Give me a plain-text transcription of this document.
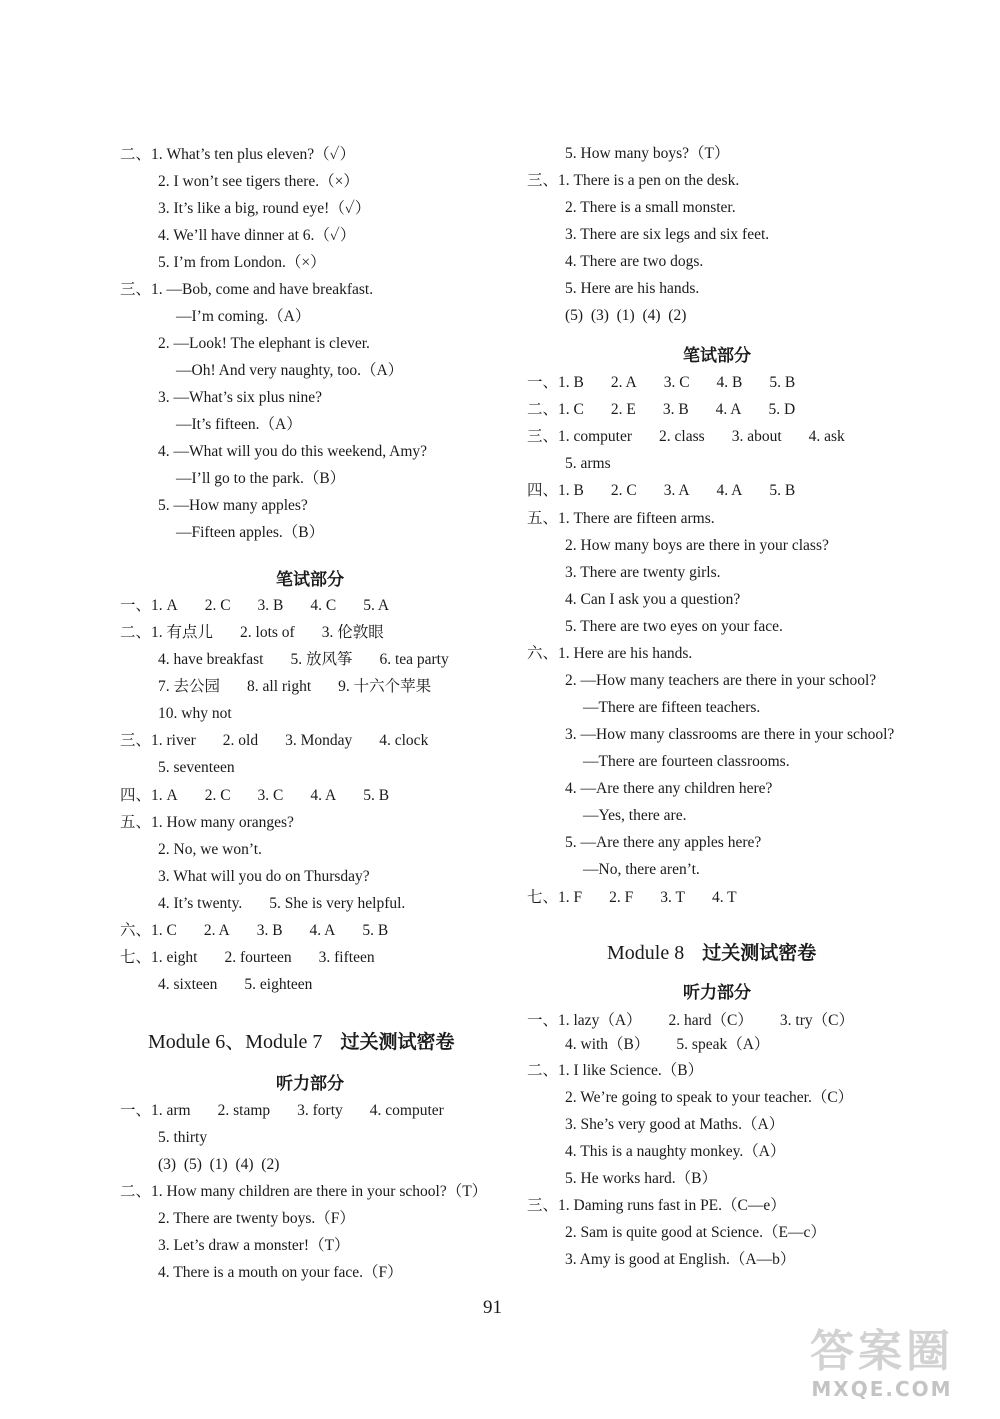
二、1. What’s ten plus eleven?（✓）
2. I won’t see tigers there.（×）
3. It’s like a big, round eye!（✓）
4. We’ll have dinner at 6.（✓）
5. I’m from London.（×）
三、1. —Bob, come and have breakfast.
—I’m coming.（A）
2. —Look! The elephant is clever.
—Oh! And very naughty, too.（A）
3. —What’s six plus nine?
—It’s fifteen.（A）
4. —What will you do this weekend, Amy?
—I’ll go to the park.（B）
5. —How many apples?
—Fifteen apples.（B）
笔试部分
一、1. A 2. C 3. B 4. C 5. A
二、1. 有点儿 2. lots of 3. 伦敦眼
4. have breakfast 5. 放风筝 6. tea party
7. 去公园 8. all right 9. 十六个苹果
10. why not
三、1. river 2. old 3. Monday 4. clock
5. seventeen
四、1. A 2. C 3. C 4. A 5. B
五、1. How many oranges?
2. No, we won’t.
3. What will you do on Thursday?
4. It’s twenty. 5. She is very helpful.
六、1. C 2. A 3. B 4. A 5. B
七、1. eight 2. fourteen 3. fifteen
4. sixteen 5. eighteen
Module 6、Module 7 过关测试密卷
听力部分
一、1. arm 2. stamp 3. forty 4. computer
5. thirty
(3)  (5)  (1)  (4)  (2)
二、1. How many children are there in your school?（T）
2. There are twenty boys.（F）
3. Let’s draw a monster!（T）
4. There is a mouth on your face.（F）
5. How many boys?（T）
三、1. There is a pen on the desk.
2. There is a small monster.
3. There are six legs and six feet.
4. There are two dogs.
5. Here are his hands.
(5)  (3)  (1)  (4)  (2)
笔试部分
一、1. B 2. A 3. C 4. B 5. B
二、1. C 2. E 3. B 4. A 5. D
三、1. computer 2. class 3. about 4. ask
5. arms
四、1. B 2. C 3. A 4. A 5. B
五、1. There are fifteen arms.
2. How many boys are there in your class?
3. There are twenty girls.
4. Can I ask you a question?
5. There are two eyes on your face.
六、1. Here are his hands.
2. —How many teachers are there in your school?
—There are fifteen teachers.
3. —How many classrooms are there in your school?
—There are fourteen classrooms.
4. —Are there any children here?
—Yes, there are.
5. —Are there any apples here?
—No, there aren’t.
七、1. F 2. F 3. T 4. T
Module 8 过关测试密卷
听力部分
一、1. lazy（A） 2. hard（C） 3. try（C）
4. with（B） 5. speak（A）
二、1. I like Science.（B）
2. We’re going to speak to your teacher.（C）
3. She’s very good at Maths.（A）
4. This is a naughty monkey.（A）
5. He works hard.（B）
三、1. Daming runs fast in PE.（C—e）
2. Sam is quite good at Science.（E—c）
3. Amy is good at English.（A—b）
91
答案圈
MXQE.COM
